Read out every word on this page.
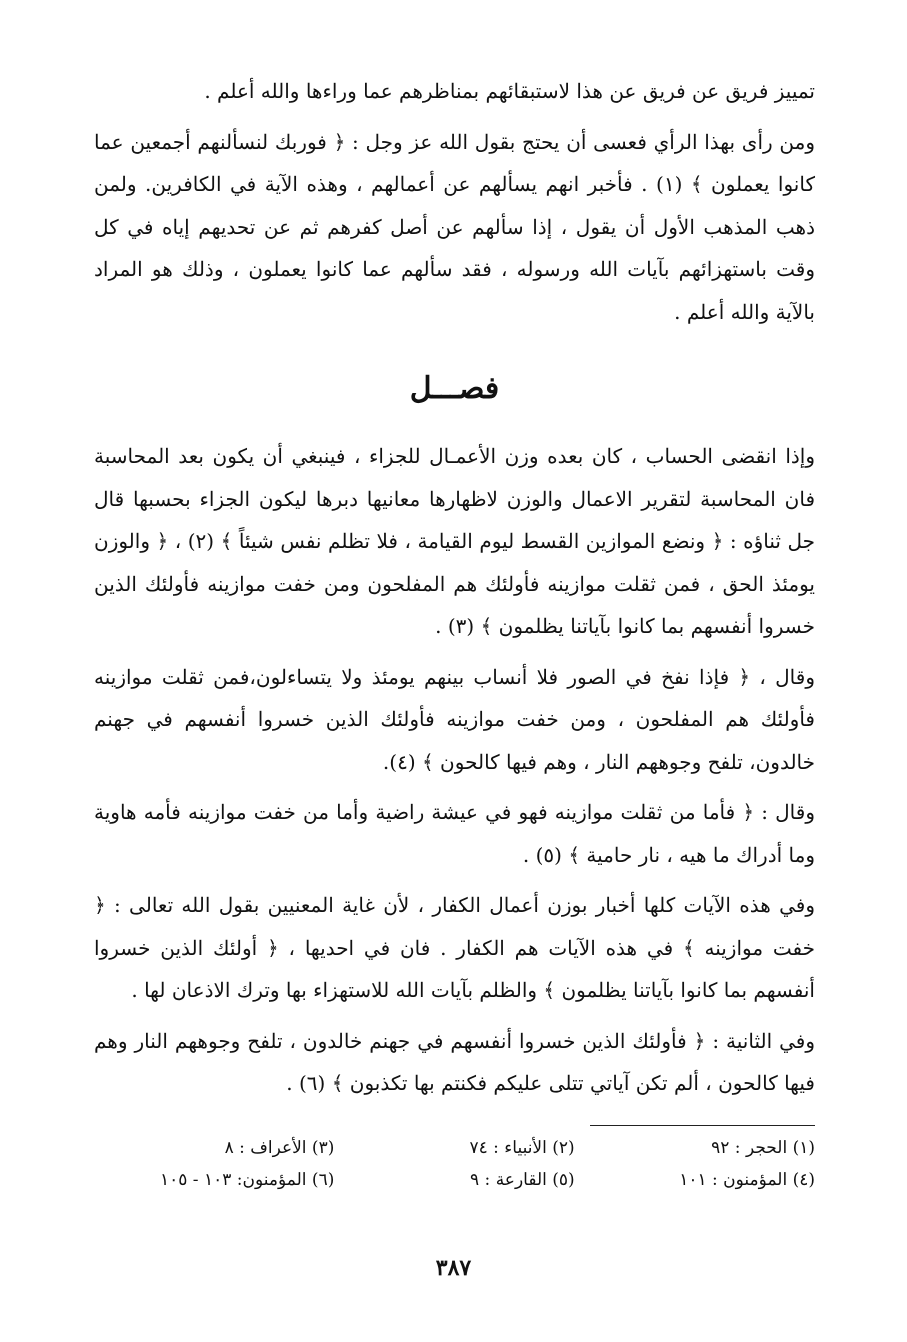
تمييز فريق عن فريق عن هذا لاستبقائهم بمناظرهم عما وراءها والله أعلم .

ومن رأى بهذا الرأي فعسى أن يحتج بقول الله عز وجل : ﴿ فوربك لنسألنهم أجمعين عما كانوا يعملون ﴾ (١) . فأخبر انهم يسألهم عن أعمالهم ، وهذه الآية في الكافرين. ولمن ذهب المذهب الأول أن يقول ، إذا سألهم عن أصل كفرهم ثم عن تحديهم إياه في كل وقت باستهزائهم بآيات الله ورسوله ، فقد سألهم عما كانوا يعملون ، وذلك هو المراد بالآية والله أعلم .

فصـــل

وإذا انقضى الحساب ، كان بعده وزن الأعمـال للجزاء ، فينبغي أن يكون بعد المحاسبة فان المحاسبة لتقرير الاعمال والوزن لاظهارها معانيها دبرها ليكون الجزاء بحسبها قال جل ثناؤه : ﴿ ونضع الموازين القسط ليوم القيامة ، فلا تظلم نفس شيئاً ﴾ (٢) ، ﴿ والوزن يومئذ الحق ، فمن ثقلت موازينه فأولئك هم المفلحون ومن خفت موازينه فأولئك الذين خسروا أنفسهم بما كانوا بآياتنا يظلمون ﴾ (٣) .

وقال ، ﴿ فإذا نفخ في الصور فلا أنساب بينهم يومئذ ولا يتساءلون،فمن ثقلت موازينه فأولئك هم المفلحون ، ومن خفت موازينه فأولئك الذين خسروا أنفسهم في جهنم خالدون، تلفح وجوههم النار ، وهم فيها كالحون ﴾ (٤).

وقال : ﴿ فأما من ثقلت موازينه فهو في عيشة راضية وأما من خفت موازينه فأمه هاوية وما أدراك ما هيه ، نار حامية ﴾ (٥) .

وفي هذه الآيات كلها أخبار بوزن أعمال الكفار ، لأن غاية المعنيين بقول الله تعالى : ﴿ خفت موازينه ﴾ في هذه الآيات هم الكفار . فان في احديها ، ﴿ أولئك الذين خسروا أنفسهم بما كانوا بآياتنا يظلمون ﴾ والظلم بآيات الله للاستهزاء بها وترك الاذعان لها .

وفي الثانية : ﴿ فأولئك الذين خسروا أنفسهم في جهنم خالدون ، تلفح وجوههم النار وهم فيها كالحون ، ألم تكن آياتي تتلى عليكم فكنتم بها تكذبون ﴾ (٦) .

(١) الحجر : ٩٢
(٢) الأنبياء : ٧٤
(٣) الأعراف : ٨
(٤) المؤمنون : ١٠١
(٥) القارعة : ٩
(٦) المؤمنون: ١٠٣ - ١٠٥
٣٨٧
